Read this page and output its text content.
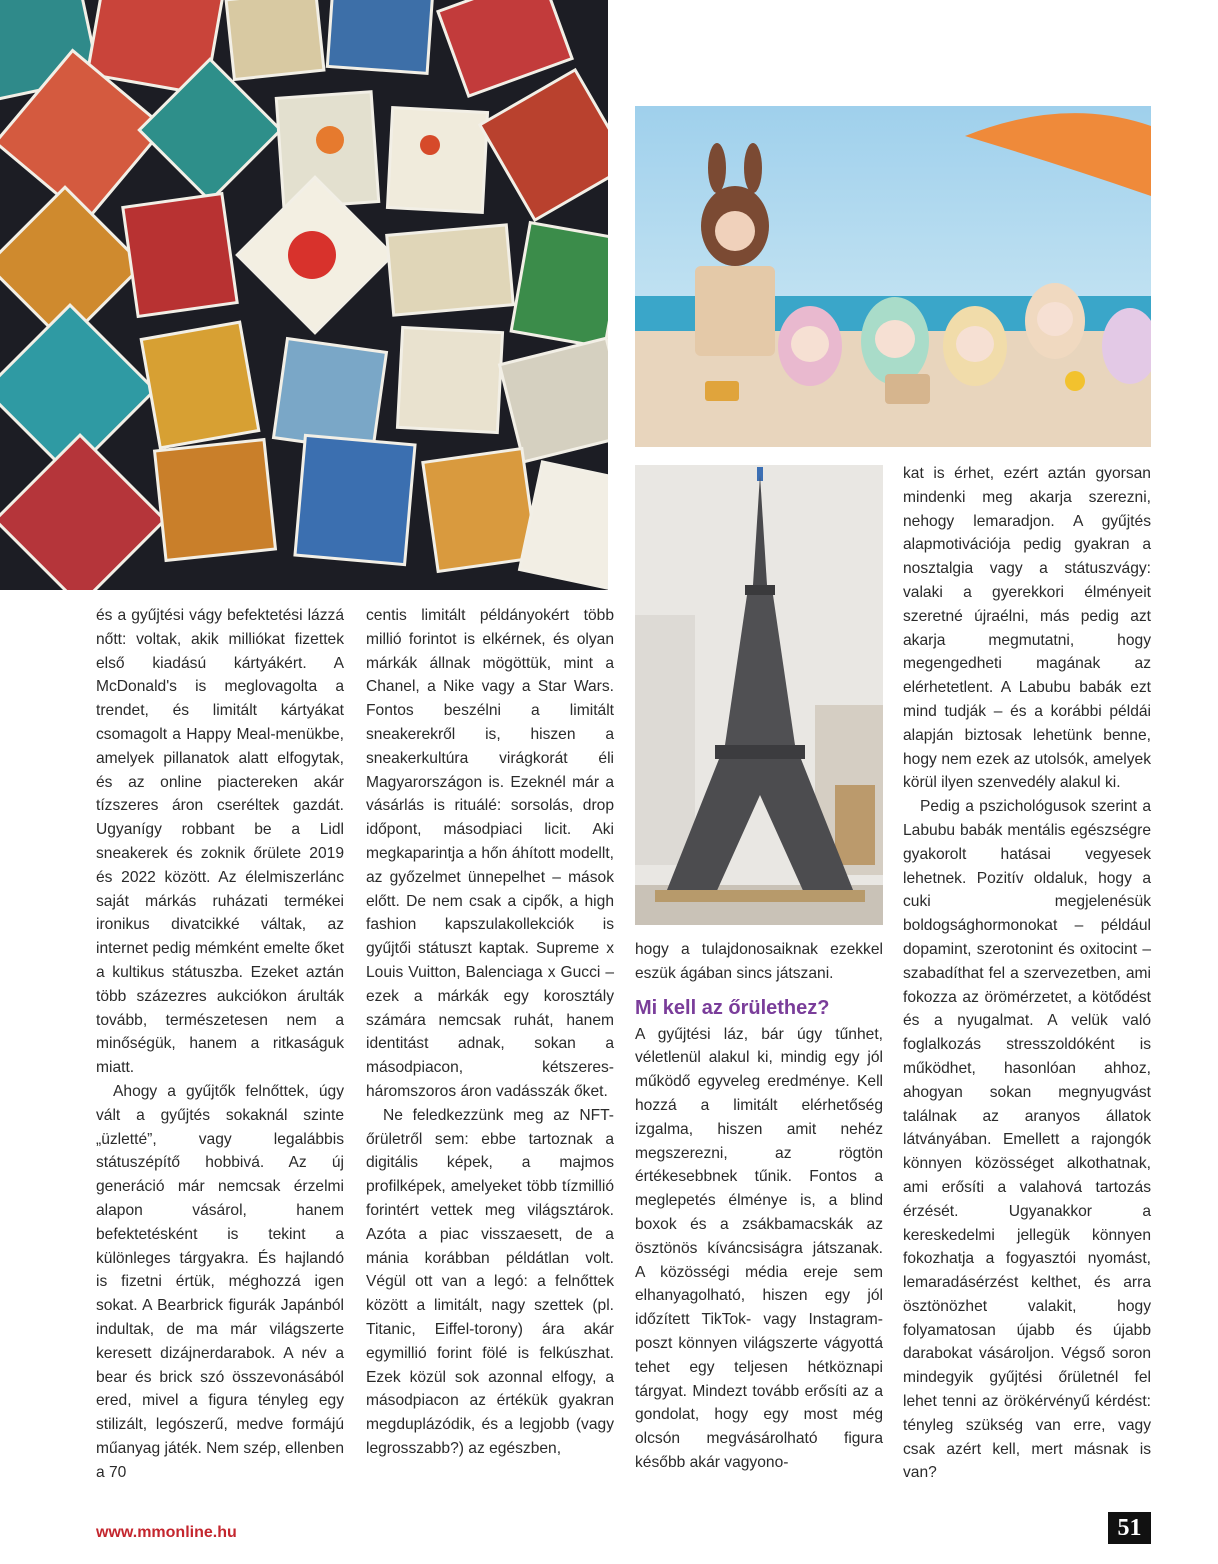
és a gyűjtési vágy befektetési lázzá nőtt: voltak, akik milliókat fizettek első kiadású kártyákért. A McDonald's is meglovagolta a trendet, és limitált kártyákat csomagolt a Happy Meal-menükbe, amelyek pillanatok alatt elfogytak, és az online piactereken akár tízszeres áron cseréltek gazdát. Ugyanígy robbant be a Lidl sneakerek és zoknik őrülete 2019 és 2022 között. Az élelmiszerlánc saját márkás ruházati termékei ironikus divatcikké váltak, az internet pedig mémként emelte őket a kultikus státuszba. Ezeket aztán több százezres aukciókon árulták tovább, természetesen nem a minőségük, hanem a ritkaságuk miatt.

Ahogy a gyűjtők felnőttek, úgy vált a gyűjtés sokaknál szinte „üzletté”, vagy legalábbis státuszépítő hobbivá. Az új generáció már nemcsak érzelmi alapon vásárol, hanem befektetésként is tekint a különleges tárgyakra. És hajlandó is fizetni értük, méghozzá igen sokat. A Bearbrick figurák Japánból indultak, de ma már világszerte keresett dizájnerdarabok. A név a bear és brick szó összevonásából ered, mivel a figura tényleg egy stilizált, legószerű, medve formájú műanyag játék. Nem szép, ellenben a 70

centis limitált példányokért több millió forintot is elkérnek, és olyan márkák állnak mögöttük, mint a Chanel, a Nike vagy a Star Wars. Fontos beszélni a limitált sneakerekről is, hiszen a sneakerkultúra virágkorát éli Magyarországon is. Ezeknél már a vásárlás is rituálé: sorsolás, drop időpont, másodpiaci licit. Aki megkaparintja a hőn áhított modellt, az győzelmet ünnepelhet – mások előtt. De nem csak a cipők, a high fashion kapszulakollekciók is gyűjtői státuszt kaptak. Supreme x Louis Vuitton, Balenciaga x Gucci – ezek a márkák egy korosztály számára nemcsak ruhát, hanem identitást adnak, sokan a másodpiacon, kétszeres-háromszoros áron vadásszák őket.

Ne feledkezzünk meg az NFT-őrületről sem: ebbe tartoznak a digitális képek, a majmos profilképek, amelyeket több tízmillió forintért vettek meg világsztárok. Azóta a piac visszaesett, de a mánia korábban példátlan volt. Végül ott van a legó: a felnőttek között a limitált, nagy szettek (pl. Titanic, Eiffel-torony) ára akár egymillió forint fölé is felkúszhat. Ezek közül sok azonnal elfogy, a másodpiacon az értékük gyakran megduplázódik, és a legjobb (vagy legrosszabb?) az egészben,

hogy a tulajdonosaiknak ezekkel eszük ágában sincs játszani.

Mi kell az őrülethez?

A gyűjtési láz, bár úgy tűnhet, véletlenül alakul ki, mindig egy jól működő egyveleg eredménye. Kell hozzá a limitált elérhetőség izgalma, hiszen amit nehéz megszerezni, az rögtön értékesebbnek tűnik. Fontos a meglepetés élménye is, a blind boxok és a zsákbamacskák az ösztönös kíváncsiságra játszanak. A közösségi média ereje sem elhanyagolható, hiszen egy jól időzített TikTok- vagy Instagram-poszt könnyen világszerte vágyottá tehet egy teljesen hétköznapi tárgyat. Mindezt tovább erősíti az a gondolat, hogy egy most még olcsón megvásárolható figura később akár vagyono-

kat is érhet, ezért aztán gyorsan mindenki meg akarja szerezni, nehogy lemaradjon. A gyűjtés alapmotivációja pedig gyakran a nosztalgia vagy a státuszvágy: valaki a gyerekkori élményeit szeretné újraélni, más pedig azt akarja megmutatni, hogy megengedheti magának az elérhetetlent. A Labubu babák ezt mind tudják – és a korábbi példái alapján biztosak lehetünk benne, hogy nem ezek az utolsók, amelyek körül ilyen szenvedély alakul ki.

Pedig a pszichológusok szerint a Labubu babák mentális egészségre gyakorolt hatásai vegyesek lehetnek. Pozitív oldaluk, hogy a cuki megjelenésük boldogsághormonokat – például dopamint, szerotonint és oxitocint – szabadíthat fel a szervezetben, ami fokozza az örömérzetet, a kötődést és a nyugalmat. A velük való foglalkozás stresszoldóként is működhet, hasonlóan ahhoz, ahogyan sokan megnyugvást találnak az aranyos állatok látványában. Emellett a rajongók könnyen közösséget alkothatnak, ami erősíti a valahová tartozás érzését. Ugyanakkor a kereskedelmi jellegük könnyen fokozhatja a fogyasztói nyomást, lemaradásérzést kelthet, és arra ösztönözhet valakit, hogy folyamatosan újabb és újabb darabokat vásároljon. Végső soron mindegyik gyűjtési őrületnél fel lehet tenni az örökérvényű kérdést: tényleg szükség van erre, vagy csak azért kell, mert másnak is van?

www.mmonline.hu	51
